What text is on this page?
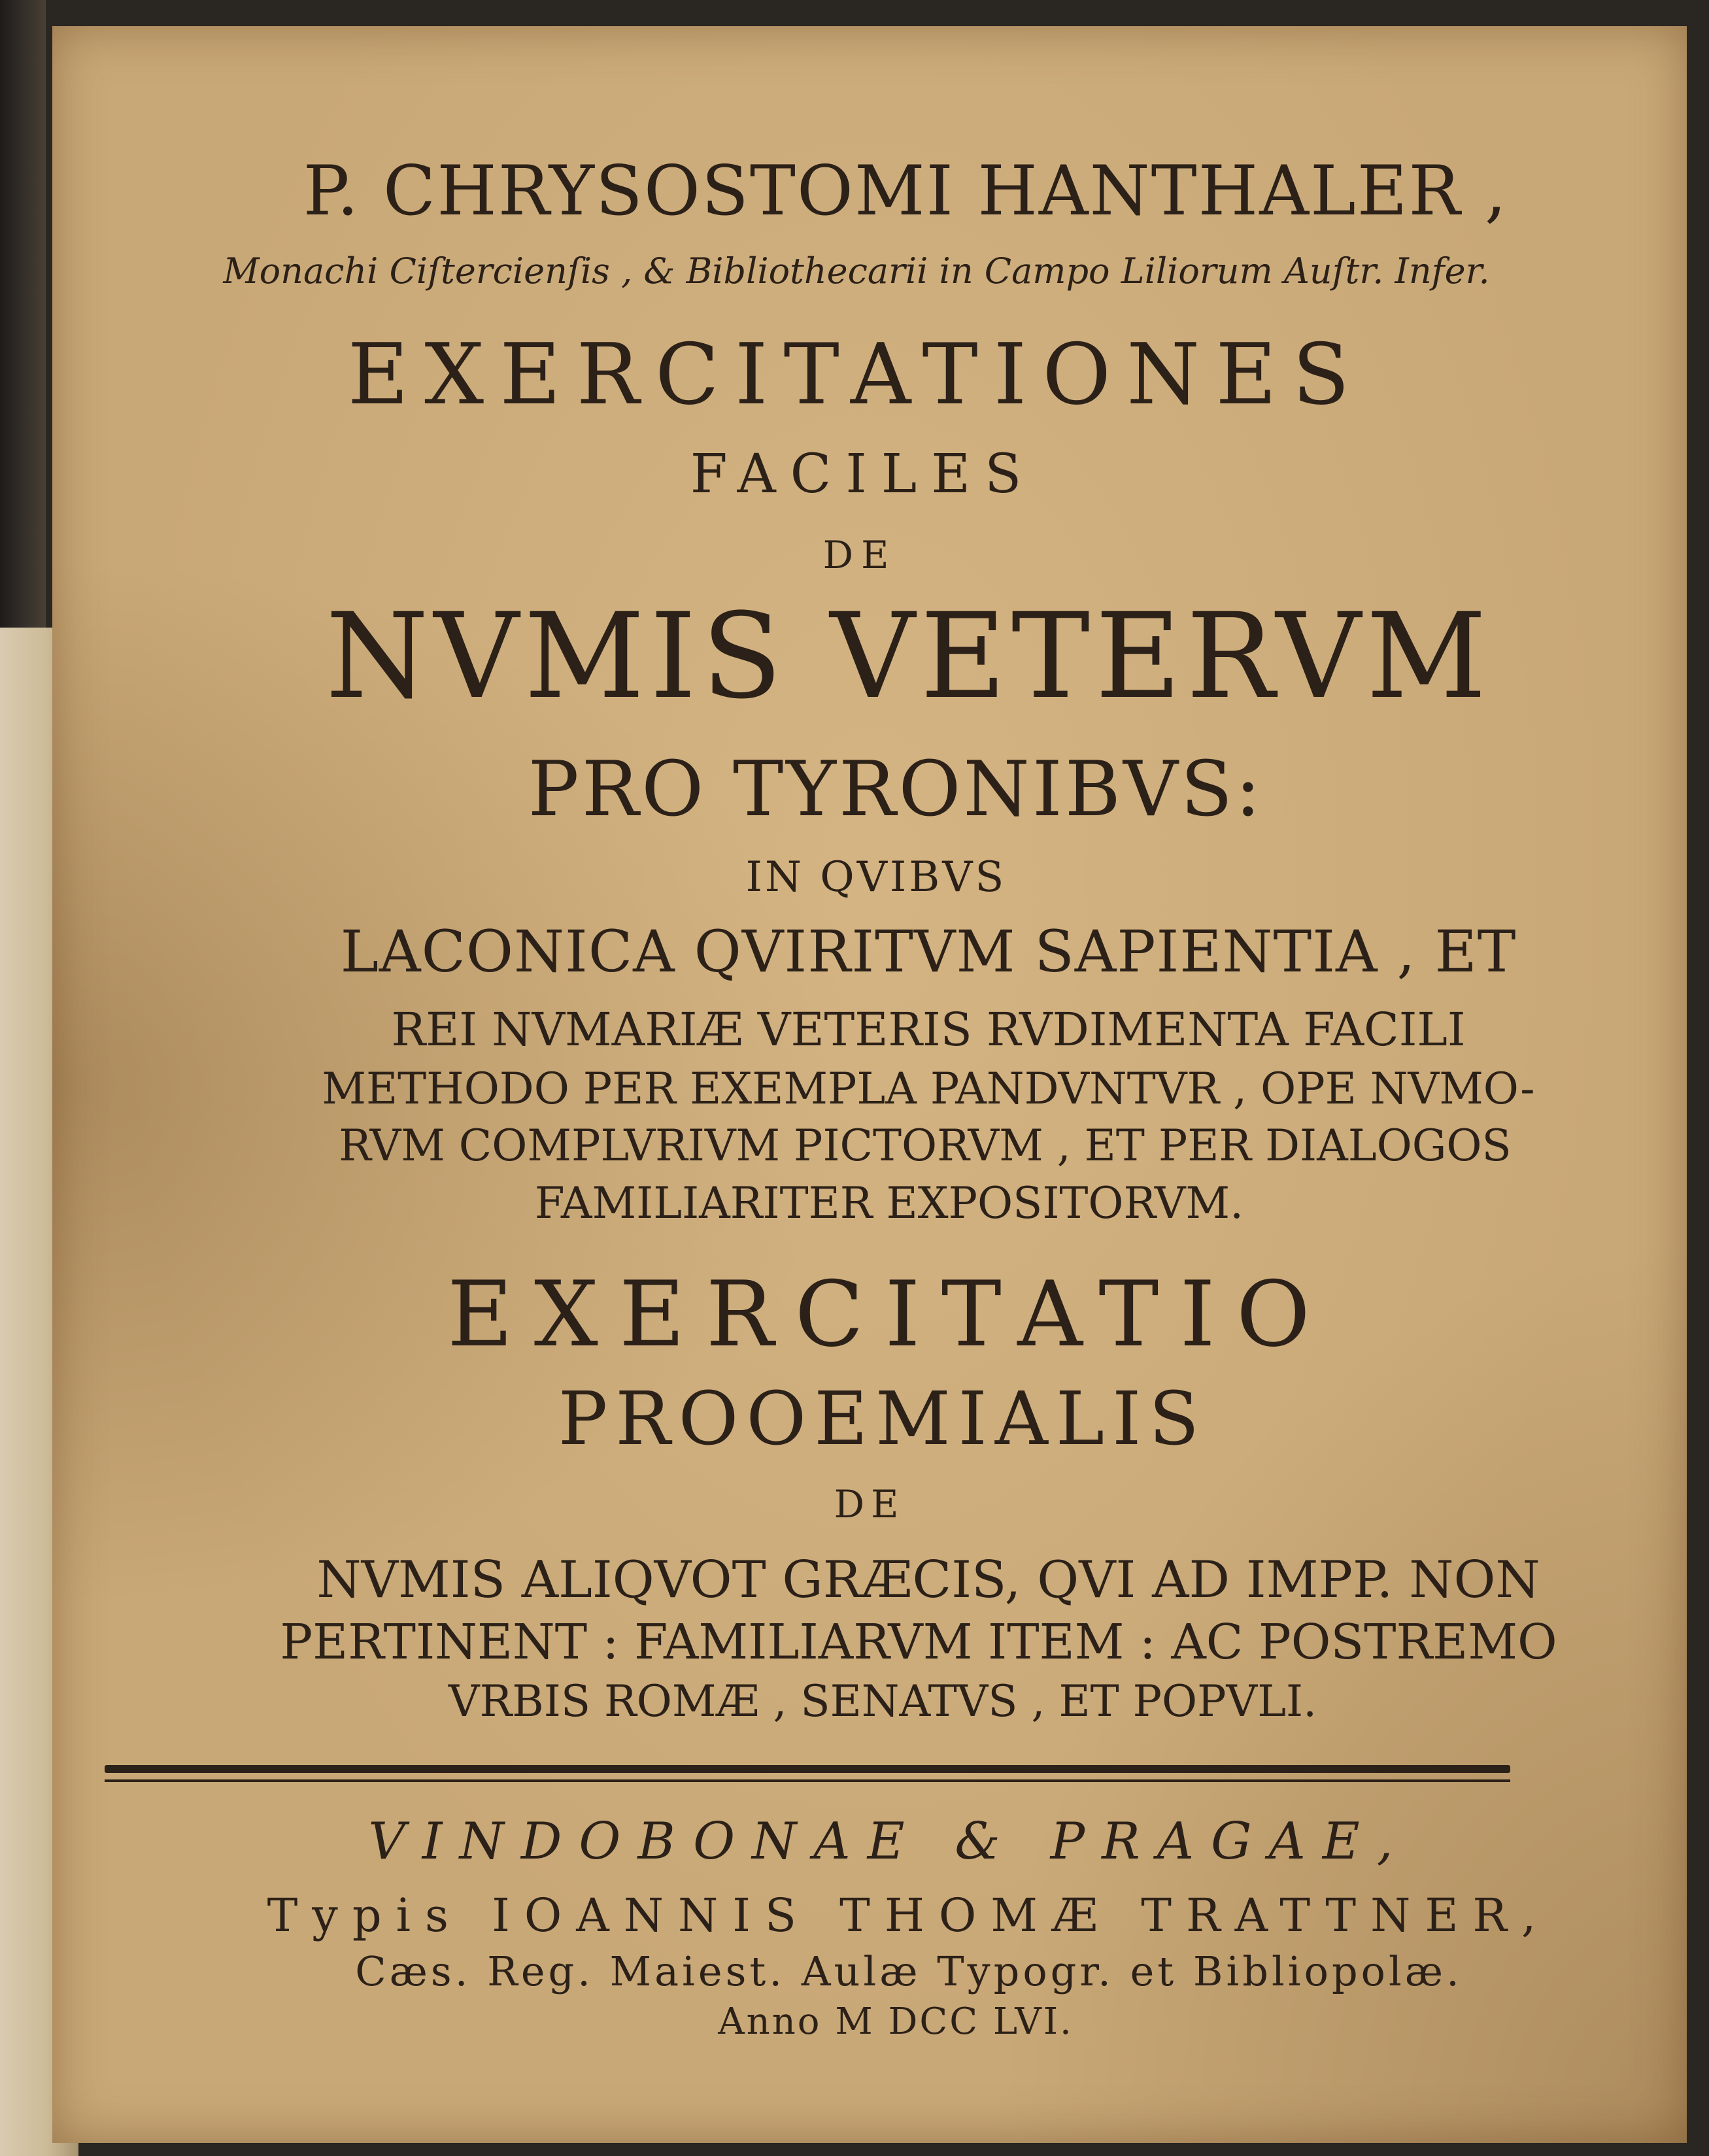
P. CHRYSOSTOMI HANTHALER ,
Monachi Ciſtercienſis , & Bibliothecarii in Campo Liliorum Auſtr. Infer.
EXERCITATIONES
FACILES
DE
NVMIS VETERVM
PRO TYRONIBVS:
IN QVIBVS
LACONICA QVIRITVM SAPIENTIA , ET
REI NVMARIÆ VETERIS RVDIMENTA FACILI
METHODO PER EXEMPLA PANDVNTVR , OPE NVMO-
RVM COMPLVRIVM PICTORVM , ET PER DIALOGOS
FAMILIARITER EXPOSITORVM.
EXERCITATIO
PROOEMIALIS
DE
NVMIS ALIQVOT GRÆCIS, QVI AD IMPP. NON
PERTINENT : FAMILIARVM ITEM : AC POSTREMO
VRBIS ROMÆ , SENATVS , ET POPVLI.
VINDOBONAE & PRAGAE,
Typis IOANNIS THOMÆ TRATTNER,
Cæs. Reg. Maiest. Aulæ Typogr. et Bibliopolæ.
Anno M DCC LVI.
